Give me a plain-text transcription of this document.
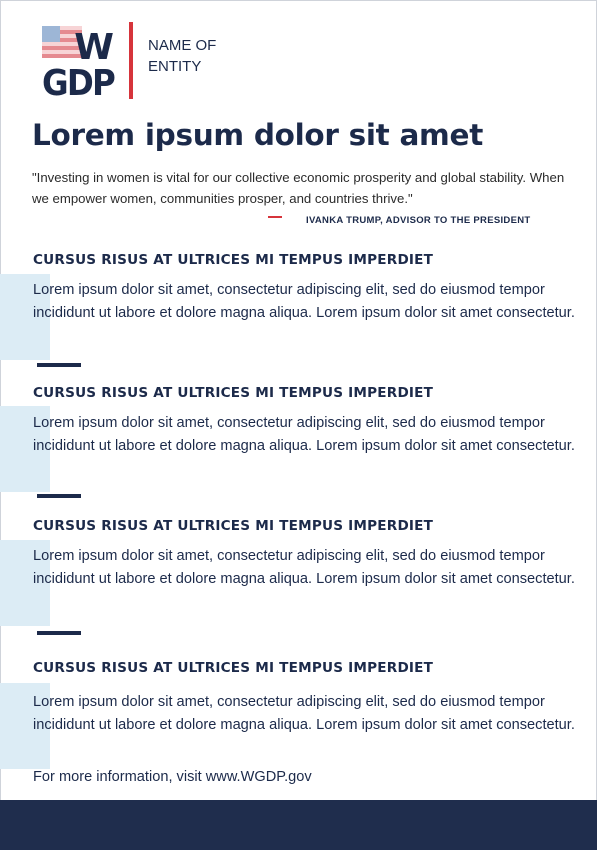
W
GDP
NAME OF
ENTITY
Lorem ipsum dolor sit amet
"Investing in women is vital for our collective economic prosperity and global stability. When we empower women, communities prosper, and countries thrive."
IVANKA TRUMP, ADVISOR TO THE PRESIDENT
CURSUS RISUS AT ULTRICES MI TEMPUS IMPERDIET
Lorem ipsum dolor sit amet, consectetur adipiscing elit, sed do eiusmod tempor incididunt ut labore et dolore magna aliqua. Lorem ipsum dolor sit amet consectetur.
CURSUS RISUS AT ULTRICES MI TEMPUS IMPERDIET
Lorem ipsum dolor sit amet, consectetur adipiscing elit, sed do eiusmod tempor incididunt ut labore et dolore magna aliqua. Lorem ipsum dolor sit amet consectetur.
CURSUS RISUS AT ULTRICES MI TEMPUS IMPERDIET
Lorem ipsum dolor sit amet, consectetur adipiscing elit, sed do eiusmod tempor incididunt ut labore et dolore magna aliqua. Lorem ipsum dolor sit amet consectetur.
CURSUS RISUS AT ULTRICES MI TEMPUS IMPERDIET
Lorem ipsum dolor sit amet, consectetur adipiscing elit, sed do eiusmod tempor incididunt ut labore et dolore magna aliqua. Lorem ipsum dolor sit amet consectetur.
For more information, visit www.WGDP.gov
